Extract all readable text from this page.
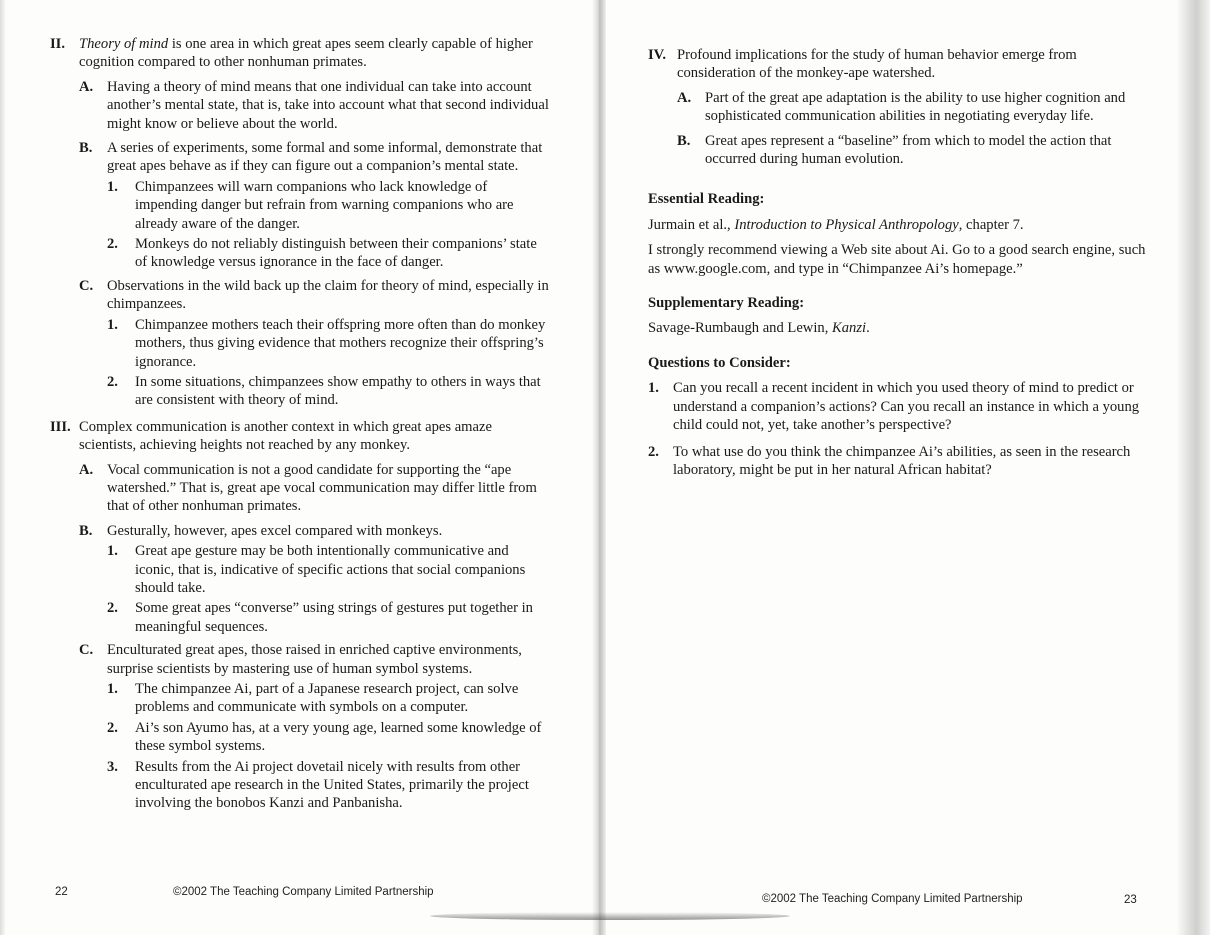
II. Theory of mind is one area in which great apes seem clearly capable of higher cognition compared to other nonhuman primates.
A. Having a theory of mind means that one individual can take into account another’s mental state, that is, take into account what that second individual might know or believe about the world.
B.	A series of experiments, some formal and some informal, demonstrate that great apes behave as if they can figure out a companion’s mental state.
1.	Chimpanzees will warn companions who lack knowledge of impending danger but refrain from warning companions who are already aware of the danger.
2.	Monkeys do not reliably distinguish between their companions’ state of knowledge versus ignorance in the face of danger.
C. Observations in the wild back up the claim for theory of mind, especially in chimpanzees.
1.	Chimpanzee mothers teach their offspring more often than do monkey mothers, thus giving evidence that mothers recognize their offspring’s ignorance.
2.	In some situations, chimpanzees show empathy to others in ways that are consistent with theory of mind.
III. Complex communication is another context in which great apes amaze scientists, achieving heights not reached by any monkey.
A. Vocal communication is not a good candidate for supporting the “ape watershed.” That is, great ape vocal communication may differ little from that of other nonhuman primates.
B.	Gesturally, however, apes excel compared with monkeys.
1.	Great ape gesture may be both intentionally communicative and iconic, that is, indicative of specific actions that social companions should take.
2.	Some great apes “converse” using strings of gestures put together in meaningful sequences.
C. Enculturated great apes, those raised in enriched captive environments, surprise scientists by mastering use of human symbol systems.
1.	The chimpanzee Ai, part of a Japanese research project, can solve problems and communicate with symbols on a computer.
2.	Ai’s son Ayumo has, at a very young age, learned some knowledge of these symbol systems.
3.	Results from the Ai project dovetail nicely with results from other enculturated ape research in the United States, primarily the project involving the bonobos Kanzi and Panbanisha.
22	©2002 The Teaching Company Limited Partnership
IV. Profound implications for the study of human behavior emerge from consideration of the monkey-ape watershed.
A. Part of the great ape adaptation is the ability to use higher cognition and sophisticated communication abilities in negotiating everyday life.
B.	Great apes represent a “baseline” from which to model the action that occurred during human evolution.
Essential Reading:
Jurmain et al., Introduction to Physical Anthropology, chapter 7.
I strongly recommend viewing a Web site about Ai. Go to a good search engine, such as www.google.com, and type in “Chimpanzee Ai’s homepage.”
Supplementary Reading:
Savage-Rumbaugh and Lewin, Kanzi.
Questions to Consider:
1. Can you recall a recent incident in which you used theory of mind to predict or understand a companion’s actions? Can you recall an instance in which a young child could not, yet, take another’s perspective?
2. To what use do you think the chimpanzee Ai’s abilities, as seen in the research laboratory, might be put in her natural African habitat?
©2002 The Teaching Company Limited Partnership	23
